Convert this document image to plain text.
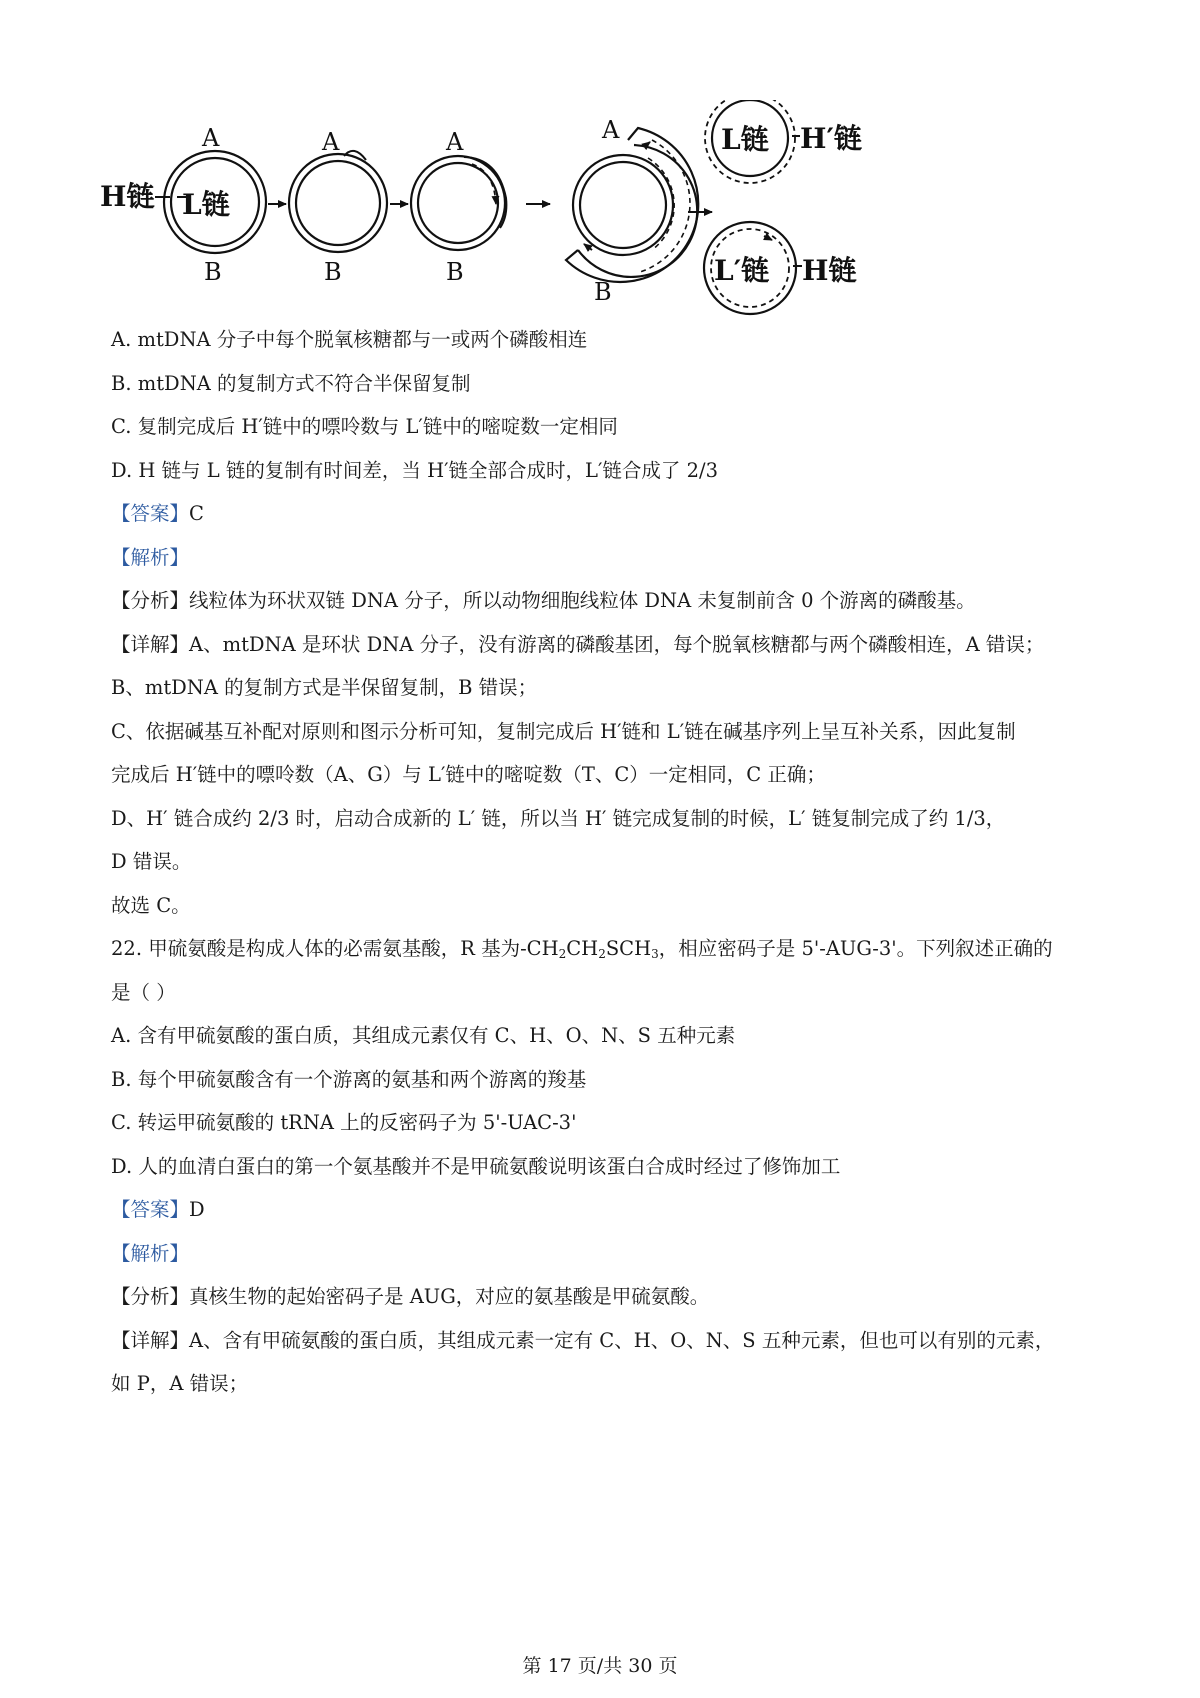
A
B
H链 L链
A
B
A
B
A
B
L链 H′链
L′链 H链
A. mtDNA 分子中每个脱氧核糖都与一或两个磷酸相连
B. mtDNA 的复制方式不符合半保留复制
C. 复制完成后 H′链中的嘌呤数与 L′链中的嘧啶数一定相同
D. H 链与 L 链的复制有时间差，当 H′链全部合成时，L′链合成了 2/3
【答案】C
【解析】
【分析】线粒体为环状双链 DNA 分子，所以动物细胞线粒体 DNA 未复制前含 0 个游离的磷酸基。
【详解】A、mtDNA 是环状 DNA 分子，没有游离的磷酸基团，每个脱氧核糖都与两个磷酸相连，A 错误；
B、mtDNA 的复制方式是半保留复制，B 错误；
C、依据碱基互补配对原则和图示分析可知，复制完成后 H′链和 L′链在碱基序列上呈互补关系，因此复制
完成后 H′链中的嘌呤数（A、G）与 L′链中的嘧啶数（T、C）一定相同，C 正确；
D、H′ 链合成约 2/3 时，启动合成新的 L′ 链，所以当 H′ 链完成复制的时候，L′ 链复制完成了约 1/3，
D 错误。
故选 C。
22. 甲硫氨酸是构成人体的必需氨基酸，R 基为$-CH_2CH_2SCH_3$，相应密码子是 5'-AUG-3'。下列叙述正确的
是（ ）
A. 含有甲硫氨酸的蛋白质，其组成元素仅有 C、H、O、N、S 五种元素
B. 每个甲硫氨酸含有一个游离的氨基和两个游离的羧基
C. 转运甲硫氨酸的 tRNA 上的反密码子为 5'-UAC-3'
D. 人的血清白蛋白的第一个氨基酸并不是甲硫氨酸说明该蛋白合成时经过了修饰加工
【答案】D
【解析】
【分析】真核生物的起始密码子是 AUG，对应的氨基酸是甲硫氨酸。
【详解】A、含有甲硫氨酸的蛋白质，其组成元素一定有 C、H、O、N、S 五种元素，但也可以有别的元素，
如 P，A 错误；
第 17 页/共 30 页
